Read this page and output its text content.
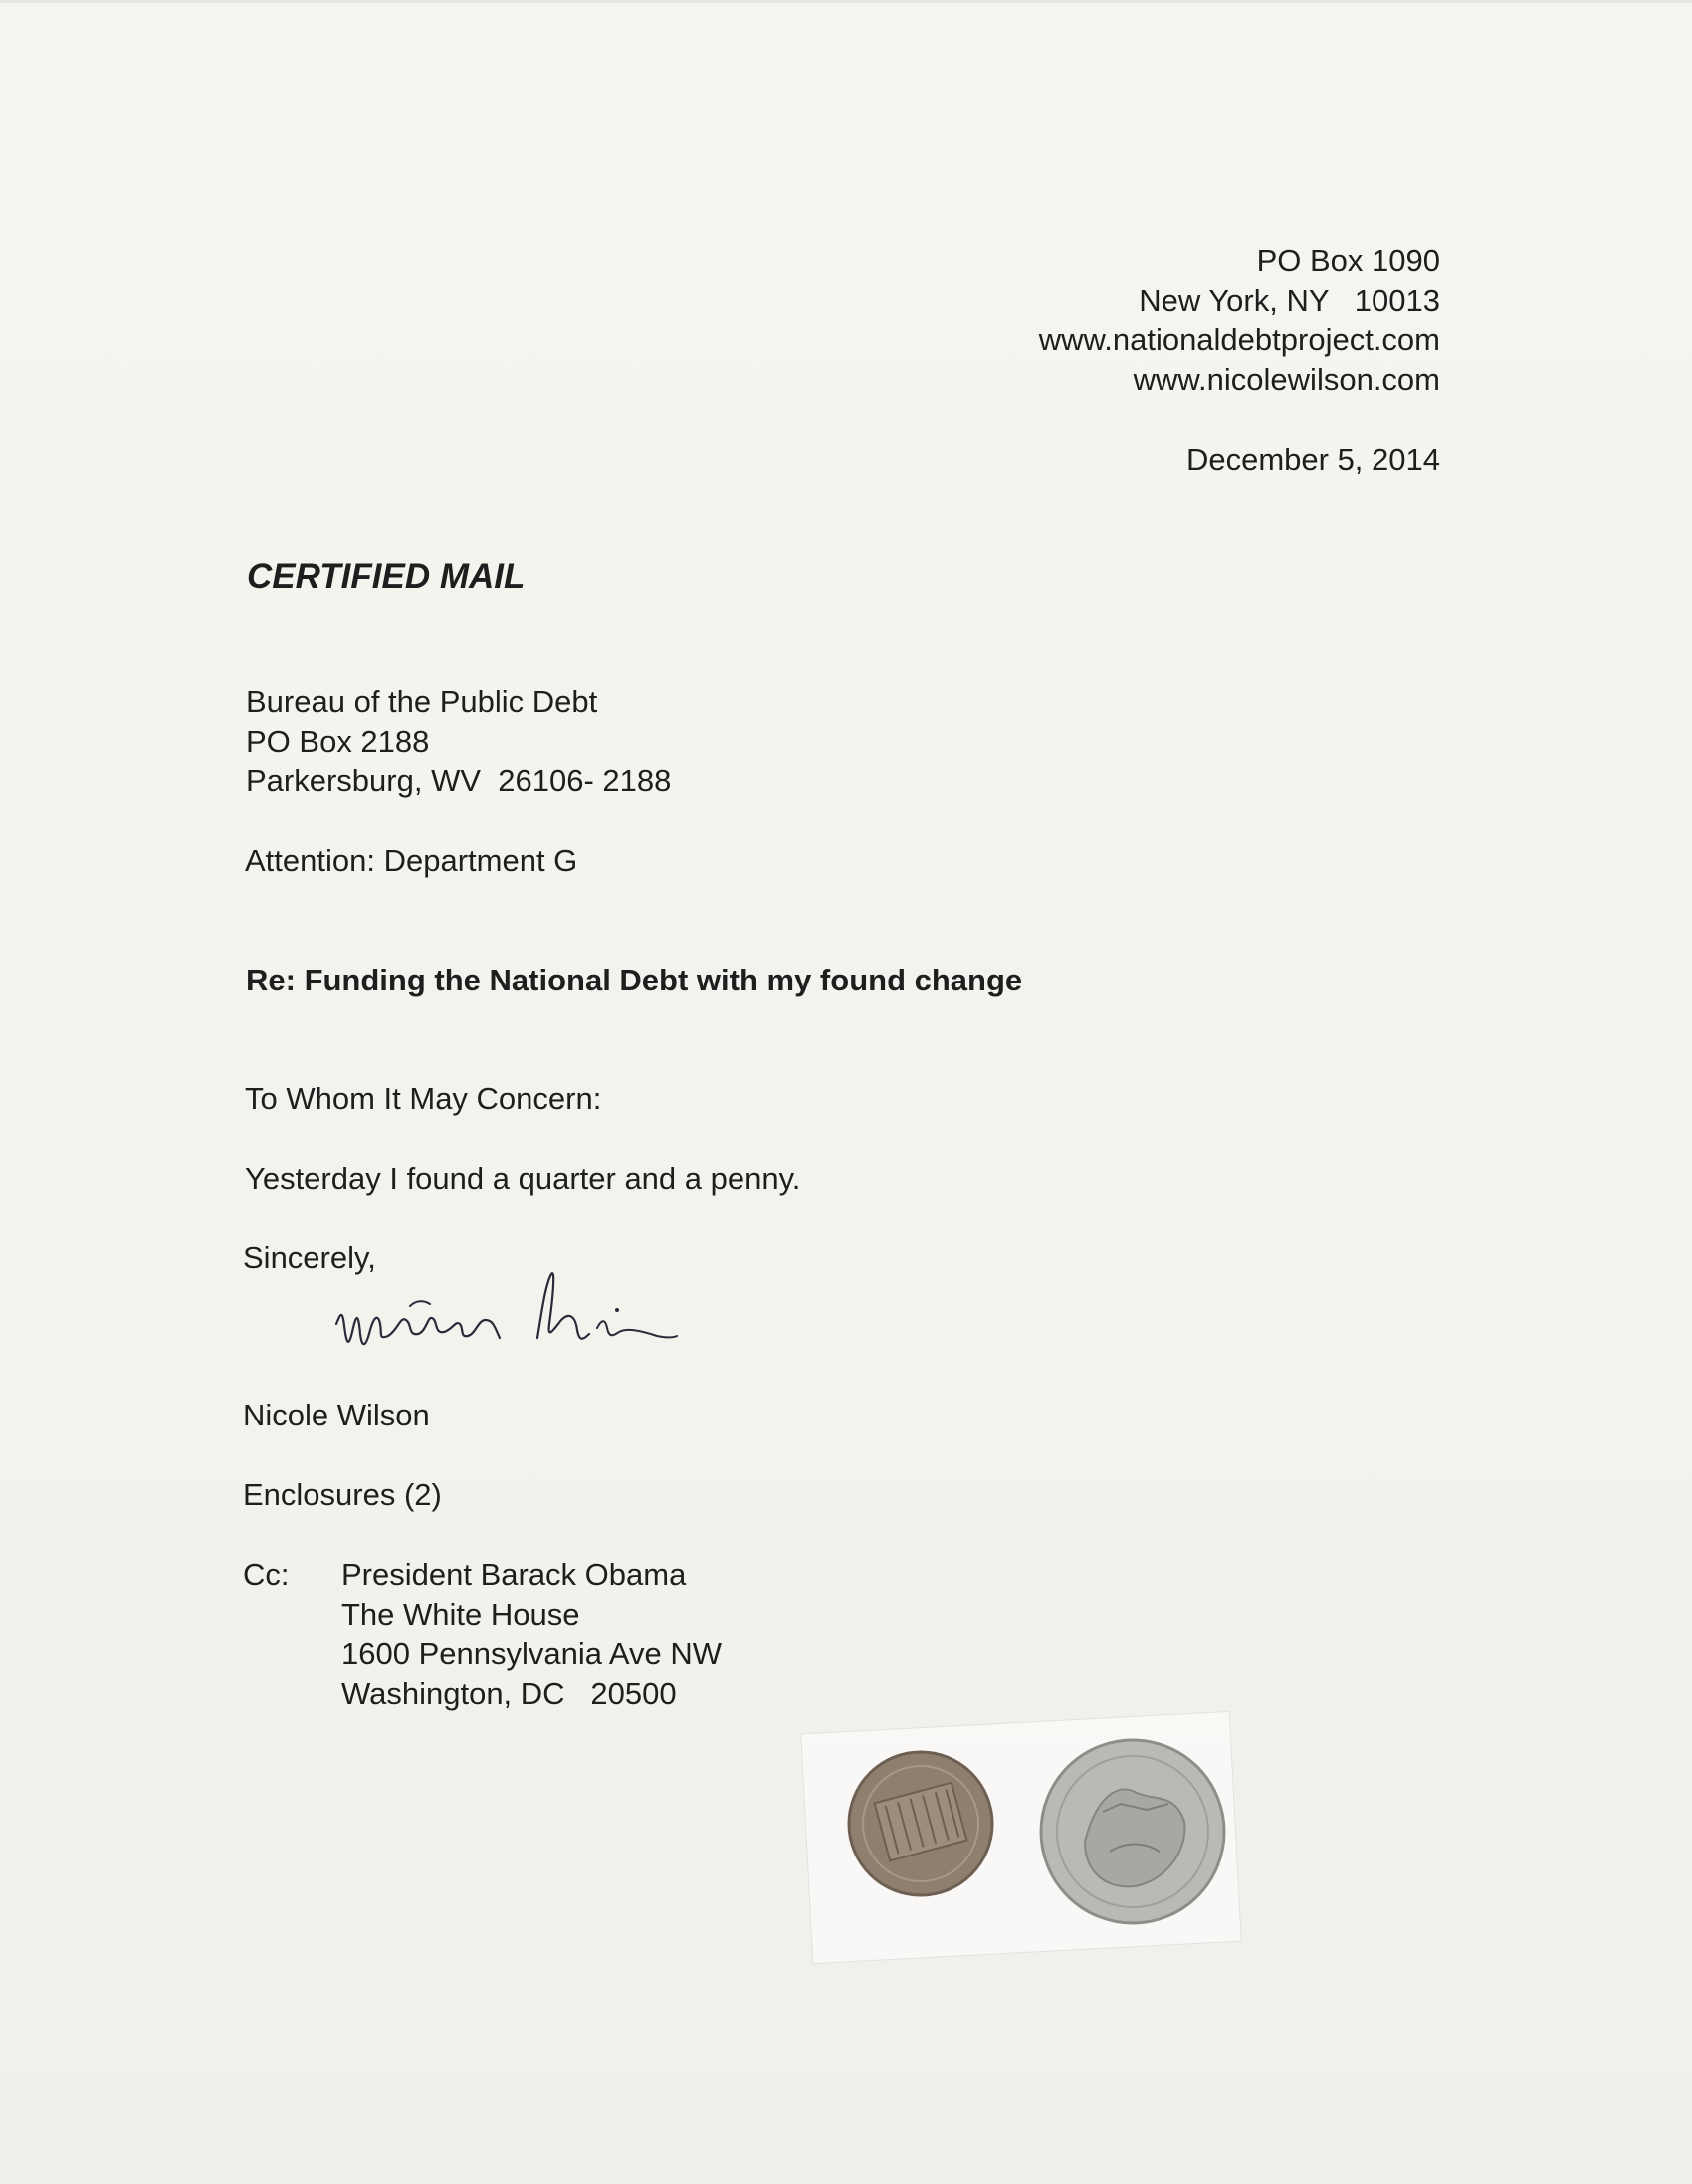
PO Box 1090
New York, NY   10013
www.nationaldebtproject.com
www.nicolewilson.com
December 5, 2014
CERTIFIED MAIL
Bureau of the Public Debt
PO Box 2188
Parkersburg, WV  26106- 2188
Attention: Department G
Re: Funding the National Debt with my found change
To Whom It May Concern:
Yesterday I found a quarter and a penny.
Sincerely,
Nicole Wilson
Enclosures (2)
Cc: President Barack Obama
The White House
1600 Pennsylvania Ave NW
Washington, DC   20500
